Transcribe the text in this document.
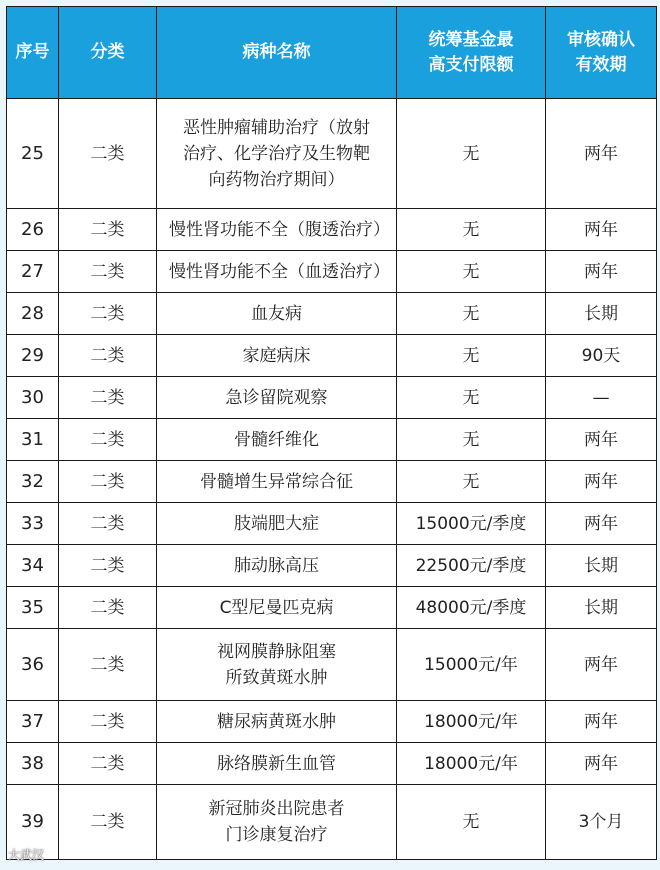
序号	分类	病种名称	统筹基金最
高支付限额	审核确认
有效期
25	二类	恶性肿瘤辅助治疗（放射
治疗、化学治疗及生物靶
向药物治疗期间）	无	两年
26	二类	慢性肾功能不全（腹透治疗）	无	两年
27	二类	慢性肾功能不全（血透治疗）	无	两年
28	二类	血友病	无	长期
29	二类	家庭病床	无	90天
30	二类	急诊留院观察	无	—
31	二类	骨髓纤维化	无	两年
32	二类	骨髓增生异常综合征	无	两年
33	二类	肢端肥大症	15000元/季度	两年
34	二类	肺动脉高压	22500元/季度	长期
35	二类	C型尼曼匹克病	48000元/季度	长期
36	二类	视网膜静脉阻塞
所致黄斑水肿	15000元/年	两年
37	二类	糖尿病黄斑水肿	18000元/年	两年
38	二类	脉络膜新生血管	18000元/年	两年
39	二类	新冠肺炎出院患者
门诊康复治疗	无	3个月
大武汉
